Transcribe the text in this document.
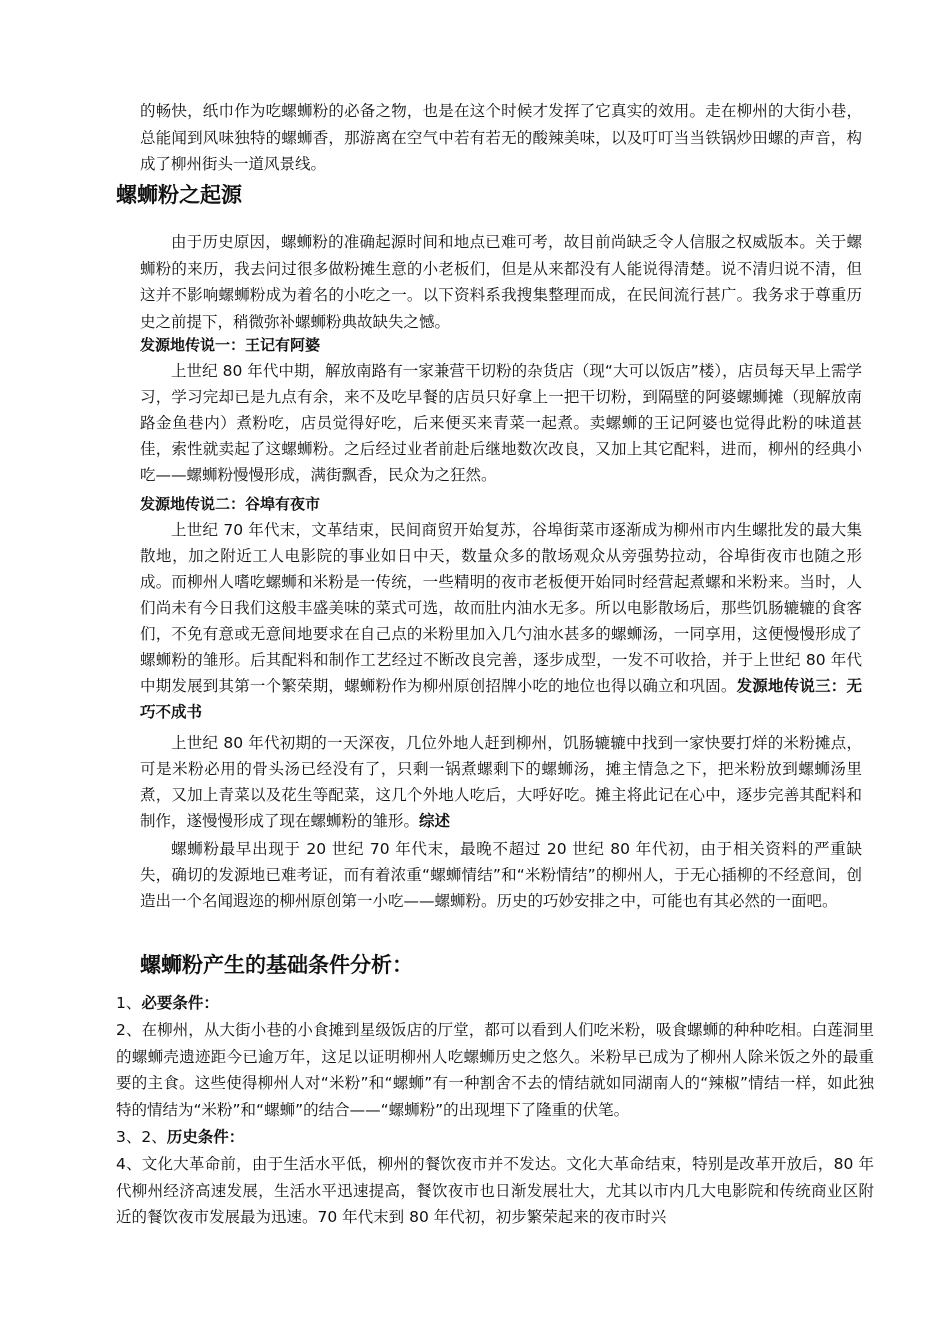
的畅快，纸巾作为吃螺蛳粉的必备之物，也是在这个时候才发挥了它真实的效用。走在柳州的大街小巷，总能闻到风味独特的螺蛳香，那游离在空气中若有若无的酸辣美味，以及叮叮当当铁锅炒田螺的声音，构成了柳州街头一道风景线。

螺蛳粉之起源

由于历史原因，螺蛳粉的准确起源时间和地点已难可考，故目前尚缺乏令人信服之权威版本。关于螺蛳粉的来历，我去问过很多做粉摊生意的小老板们，但是从来都没有人能说得清楚。说不清归说不清，但这并不影响螺蛳粉成为着名的小吃之一。以下资料系我搜集整理而成，在民间流行甚广。我务求于尊重历史之前提下，稍微弥补螺蛳粉典故缺失之憾。

发源地传说一：王记有阿婆

上世纪 80 年代中期，解放南路有一家兼营干切粉的杂货店（现“大可以饭店”楼），店员每天早上需学习，学习完却已是九点有余，来不及吃早餐的店员只好拿上一把干切粉，到隔壁的阿婆螺蛳摊（现解放南路金鱼巷内）煮粉吃，店员觉得好吃，后来便买来青菜一起煮。卖螺蛳的王记阿婆也觉得此粉的味道甚佳，索性就卖起了这螺蛳粉。之后经过业者前赴后继地数次改良，又加上其它配料，进而，柳州的经典小吃——螺蛳粉慢慢形成，满街飘香，民众为之狂然。

发源地传说二：谷埠有夜市

上世纪 70 年代末，文革结束，民间商贸开始复苏，谷埠街菜市逐渐成为柳州市内生螺批发的最大集散地，加之附近工人电影院的事业如日中天，数量众多的散场观众从旁强势拉动，谷埠街夜市也随之形成。而柳州人嗜吃螺蛳和米粉是一传统，一些精明的夜市老板便开始同时经营起煮螺和米粉来。当时，人们尚未有今日我们这般丰盛美味的菜式可选，故而肚内油水无多。所以电影散场后，那些饥肠辘辘的食客们，不免有意或无意间地要求在自己点的米粉里加入几勺油水甚多的螺蛳汤，一同享用，这便慢慢形成了螺蛳粉的雏形。后其配料和制作工艺经过不断改良完善，逐步成型，一发不可收拾，并于上世纪 80 年代中期发展到其第一个繁荣期，螺蛳粉作为柳州原创招牌小吃的地位也得以确立和巩固。发源地传说三：无巧不成书

上世纪 80 年代初期的一天深夜，几位外地人赶到柳州，饥肠辘辘中找到一家快要打烊的米粉摊点，可是米粉必用的骨头汤已经没有了，只剩一锅煮螺剩下的螺蛳汤，摊主情急之下，把米粉放到螺蛳汤里煮，又加上青菜以及花生等配菜，这几个外地人吃后，大呼好吃。摊主将此记在心中，逐步完善其配料和制作，遂慢慢形成了现在螺蛳粉的雏形。综述

螺蛳粉最早出现于 20 世纪 70 年代末，最晚不超过 20 世纪 80 年代初，由于相关资料的严重缺失，确切的发源地已难考证，而有着浓重“螺蛳情结”和“米粉情结”的柳州人，于无心插柳的不经意间，创造出一个名闻遐迩的柳州原创第一小吃——螺蛳粉。历史的巧妙安排之中，可能也有其必然的一面吧。

螺蛳粉产生的基础条件分析：

1、必要条件：

2、在柳州，从大街小巷的小食摊到星级饭店的厅堂，都可以看到人们吃米粉，吸食螺蛳的种种吃相。白莲洞里的螺蛳壳遗迹距今已逾万年，这足以证明柳州人吃螺蛳历史之悠久。米粉早已成为了柳州人除米饭之外的最重要的主食。这些使得柳州人对“米粉”和“螺蛳”有一种割舍不去的情结就如同湖南人的“辣椒”情结一样，如此独特的情结为“米粉”和“螺蛳”的结合——“螺蛳粉”的出现埋下了隆重的伏笔。

3、2、历史条件：

4、文化大革命前，由于生活水平低，柳州的餐饮夜市并不发达。文化大革命结束，特别是改革开放后，80 年代柳州经济高速发展，生活水平迅速提高，餐饮夜市也日渐发展壮大，尤其以市内几大电影院和传统商业区附近的餐饮夜市发展最为迅速。70 年代末到 80 年代初，初步繁荣起来的夜市时兴
